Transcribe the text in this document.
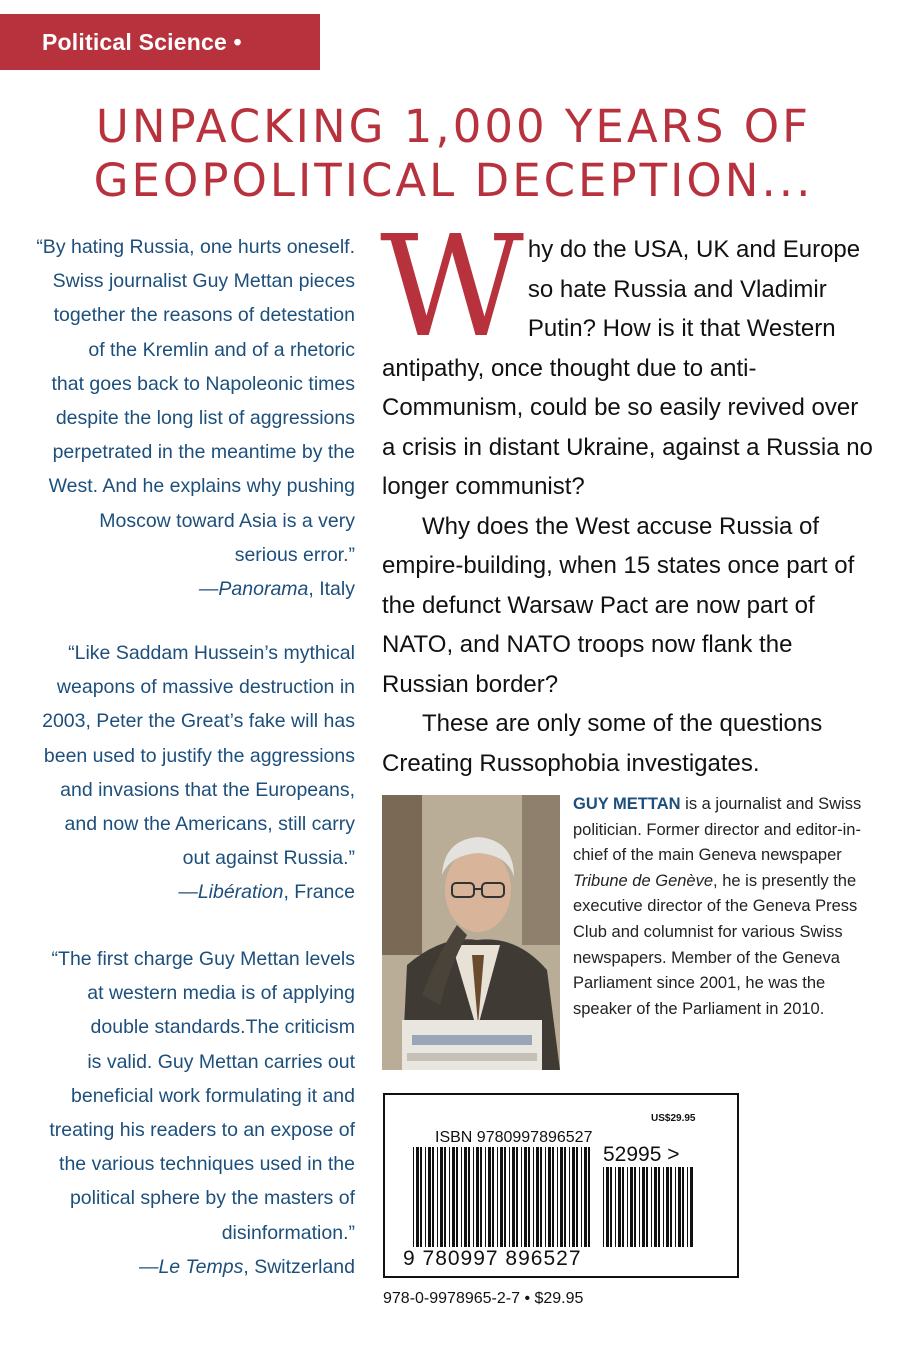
Political Science • History
UNPACKING 1,000 YEARS OF
GEOPOLITICAL DECEPTION...
“By hating Russia, one hurts oneself.
Swiss journalist Guy Mettan pieces
together the reasons of detestation
of the Kremlin and of a rhetoric
that goes back to Napoleonic times
despite the long list of aggressions
perpetrated in the meantime by the
West. And he explains why pushing
Moscow toward Asia is a very
serious error.”
—Panorama, Italy
“Like Saddam Hussein’s mythical
weapons of massive destruction in
2003, Peter the Great’s fake will has
been used to justify the aggressions
and invasions that the Europeans,
and now the Americans, still carry
out against Russia.”
—Libération, France
“The first charge Guy Mettan levels
at western media is of applying
double standards.The criticism
is valid. Guy Mettan carries out
beneficial work formulating it and
treating his readers to an expose of
the various techniques used in the
political sphere by the masters of
disinformation.”
—Le Temps, Switzerland

Why do the USA, UK and Europe so hate Russia and Vladimir Putin? How is it that Western antipathy, once thought due to anti-Communism, could be so easily revived over a crisis in distant Ukraine, against a Russia no longer communist?

Why does the West accuse Russia of empire-building, when 15 states once part of the defunct Warsaw Pact are now part of NATO, and NATO troops now flank the Russian border?

These are only some of the questions Creating Russophobia investigates.

GUY METTAN is a journalist and Swiss politician. Former director and editor-in-chief of the main Geneva newspaper Tribune de Genève, he is presently the executive director of the Geneva Press Club and columnist for various Swiss newspapers. Member of the Geneva Parliament since 2001, he was the speaker of the Parliament in 2010.
US$29.95
ISBN 9780997896527
52995 >
9 780997 896527
978-0-9978965-2-7 • $29.95
